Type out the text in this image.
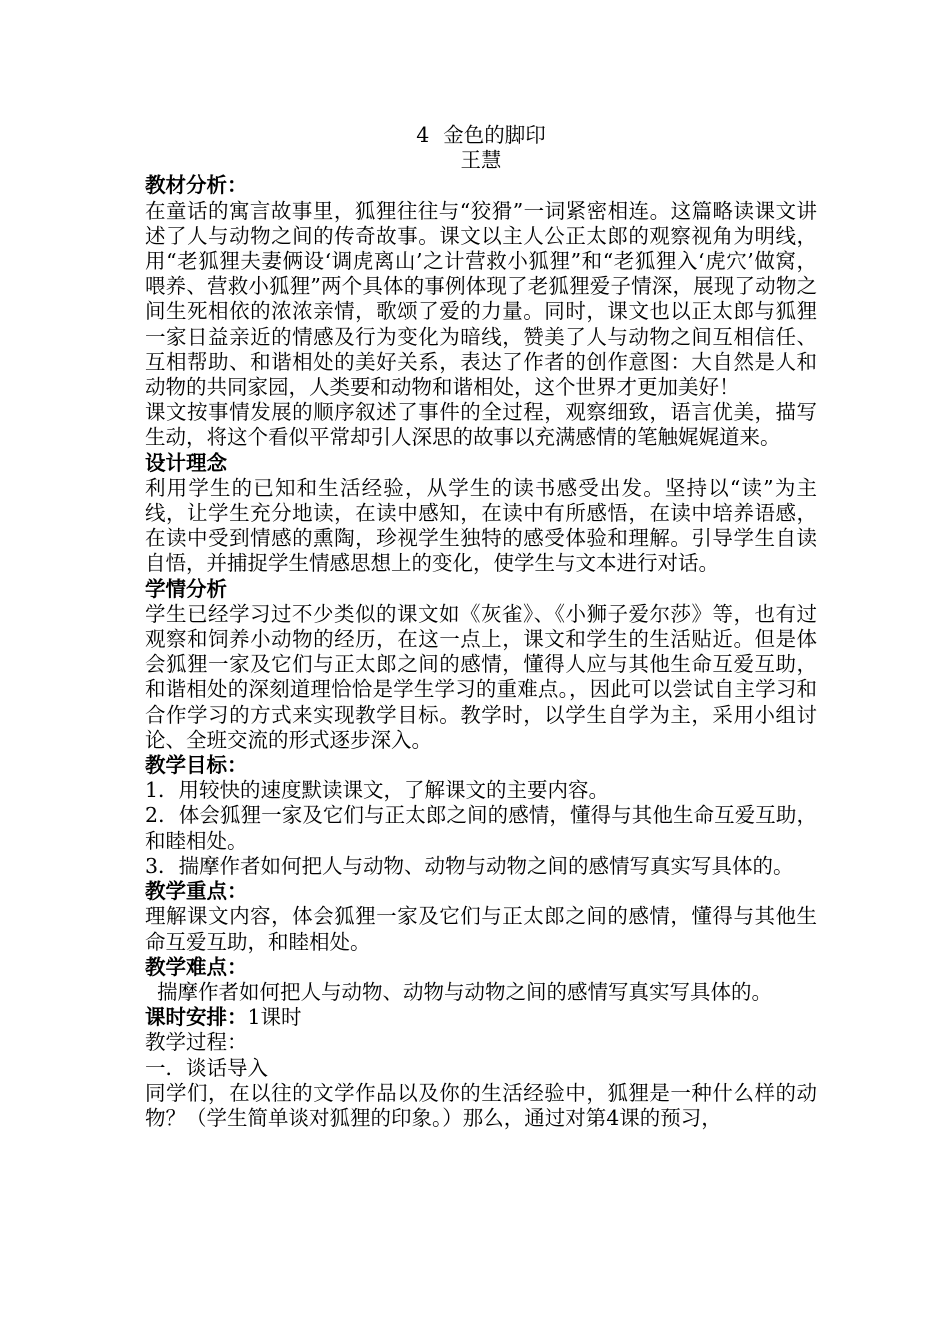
4 金色的脚印
王慧
教材分析：
在童话的寓言故事里，狐狸往往与“狡猾”一词紧密相连。这篇略读课文讲述了人与动物之间的传奇故事。课文以主人公正太郎的观察视角为明线，用“老狐狸夫妻俩设‘调虎离山’之计营救小狐狸”和“老狐狸入‘虎穴’做窝，喂养、营救小狐狸”两个具体的事例体现了老狐狸爱子情深，展现了动物之间生死相依的浓浓亲情，歌颂了爱的力量。同时，课文也以正太郎与狐狸一家日益亲近的情感及行为变化为暗线，赞美了人与动物之间互相信任、互相帮助、和谐相处的美好关系，表达了作者的创作意图：大自然是人和动物的共同家园，人类要和动物和谐相处，这个世界才更加美好！
课文按事情发展的顺序叙述了事件的全过程，观察细致，语言优美，描写生动，将这个看似平常却引人深思的故事以充满感情的笔触娓娓道来。
设计理念
利用学生的已知和生活经验，从学生的读书感受出发。坚持以“读”为主线，让学生充分地读，在读中感知，在读中有所感悟，在读中培养语感，在读中受到情感的熏陶，珍视学生独特的感受体验和理解。引导学生自读自悟，并捕捉学生情感思想上的变化，使学生与文本进行对话。
学情分析
学生已经学习过不少类似的课文如《灰雀》、《小狮子爱尔莎》等，也有过观察和饲养小动物的经历，在这一点上，课文和学生的生活贴近。但是体会狐狸一家及它们与正太郎之间的感情，懂得人应与其他生命互爱互助，和谐相处的深刻道理恰恰是学生学习的重难点。，因此可以尝试自主学习和合作学习的方式来实现教学目标。教学时，以学生自学为主，采用小组讨论、全班交流的形式逐步深入。
教学目标：
1．用较快的速度默读课文，了解课文的主要内容。
2．体会狐狸一家及它们与正太郎之间的感情，懂得与其他生命互爱互助，和睦相处。
3．揣摩作者如何把人与动物、动物与动物之间的感情写真实写具体的。
教学重点：
理解课文内容，体会狐狸一家及它们与正太郎之间的感情，懂得与其他生命互爱互助，和睦相处。
教学难点：
揣摩作者如何把人与动物、动物与动物之间的感情写真实写具体的。
课时安排：1课时
教学过程：
一．谈话导入
同学们，在以往的文学作品以及你的生活经验中，狐狸是一种什么样的动物？（学生简单谈对狐狸的印象。）那么，通过对第4课的预习，
